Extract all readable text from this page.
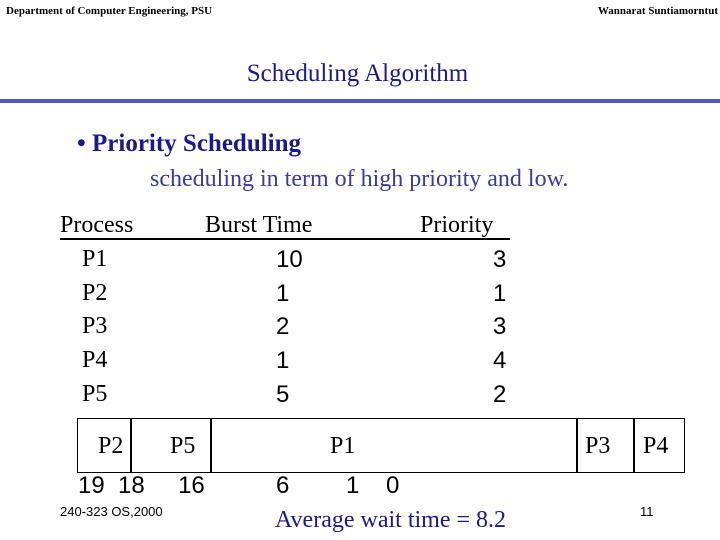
Department of Computer Engineering, PSU	Wannarat Suntiamorntut
Scheduling Algorithm
• Priority Scheduling
scheduling in term of high priority and low.
Process	Burst Time	Priority
P1	10	3
P2	1	1
P3	2	3
P4	1	4
P5	5	2
P2 P5	P1	P3 P4
19  18     16	6 1    0
240-323 OS,2000	Average wait time = 8.2	11
